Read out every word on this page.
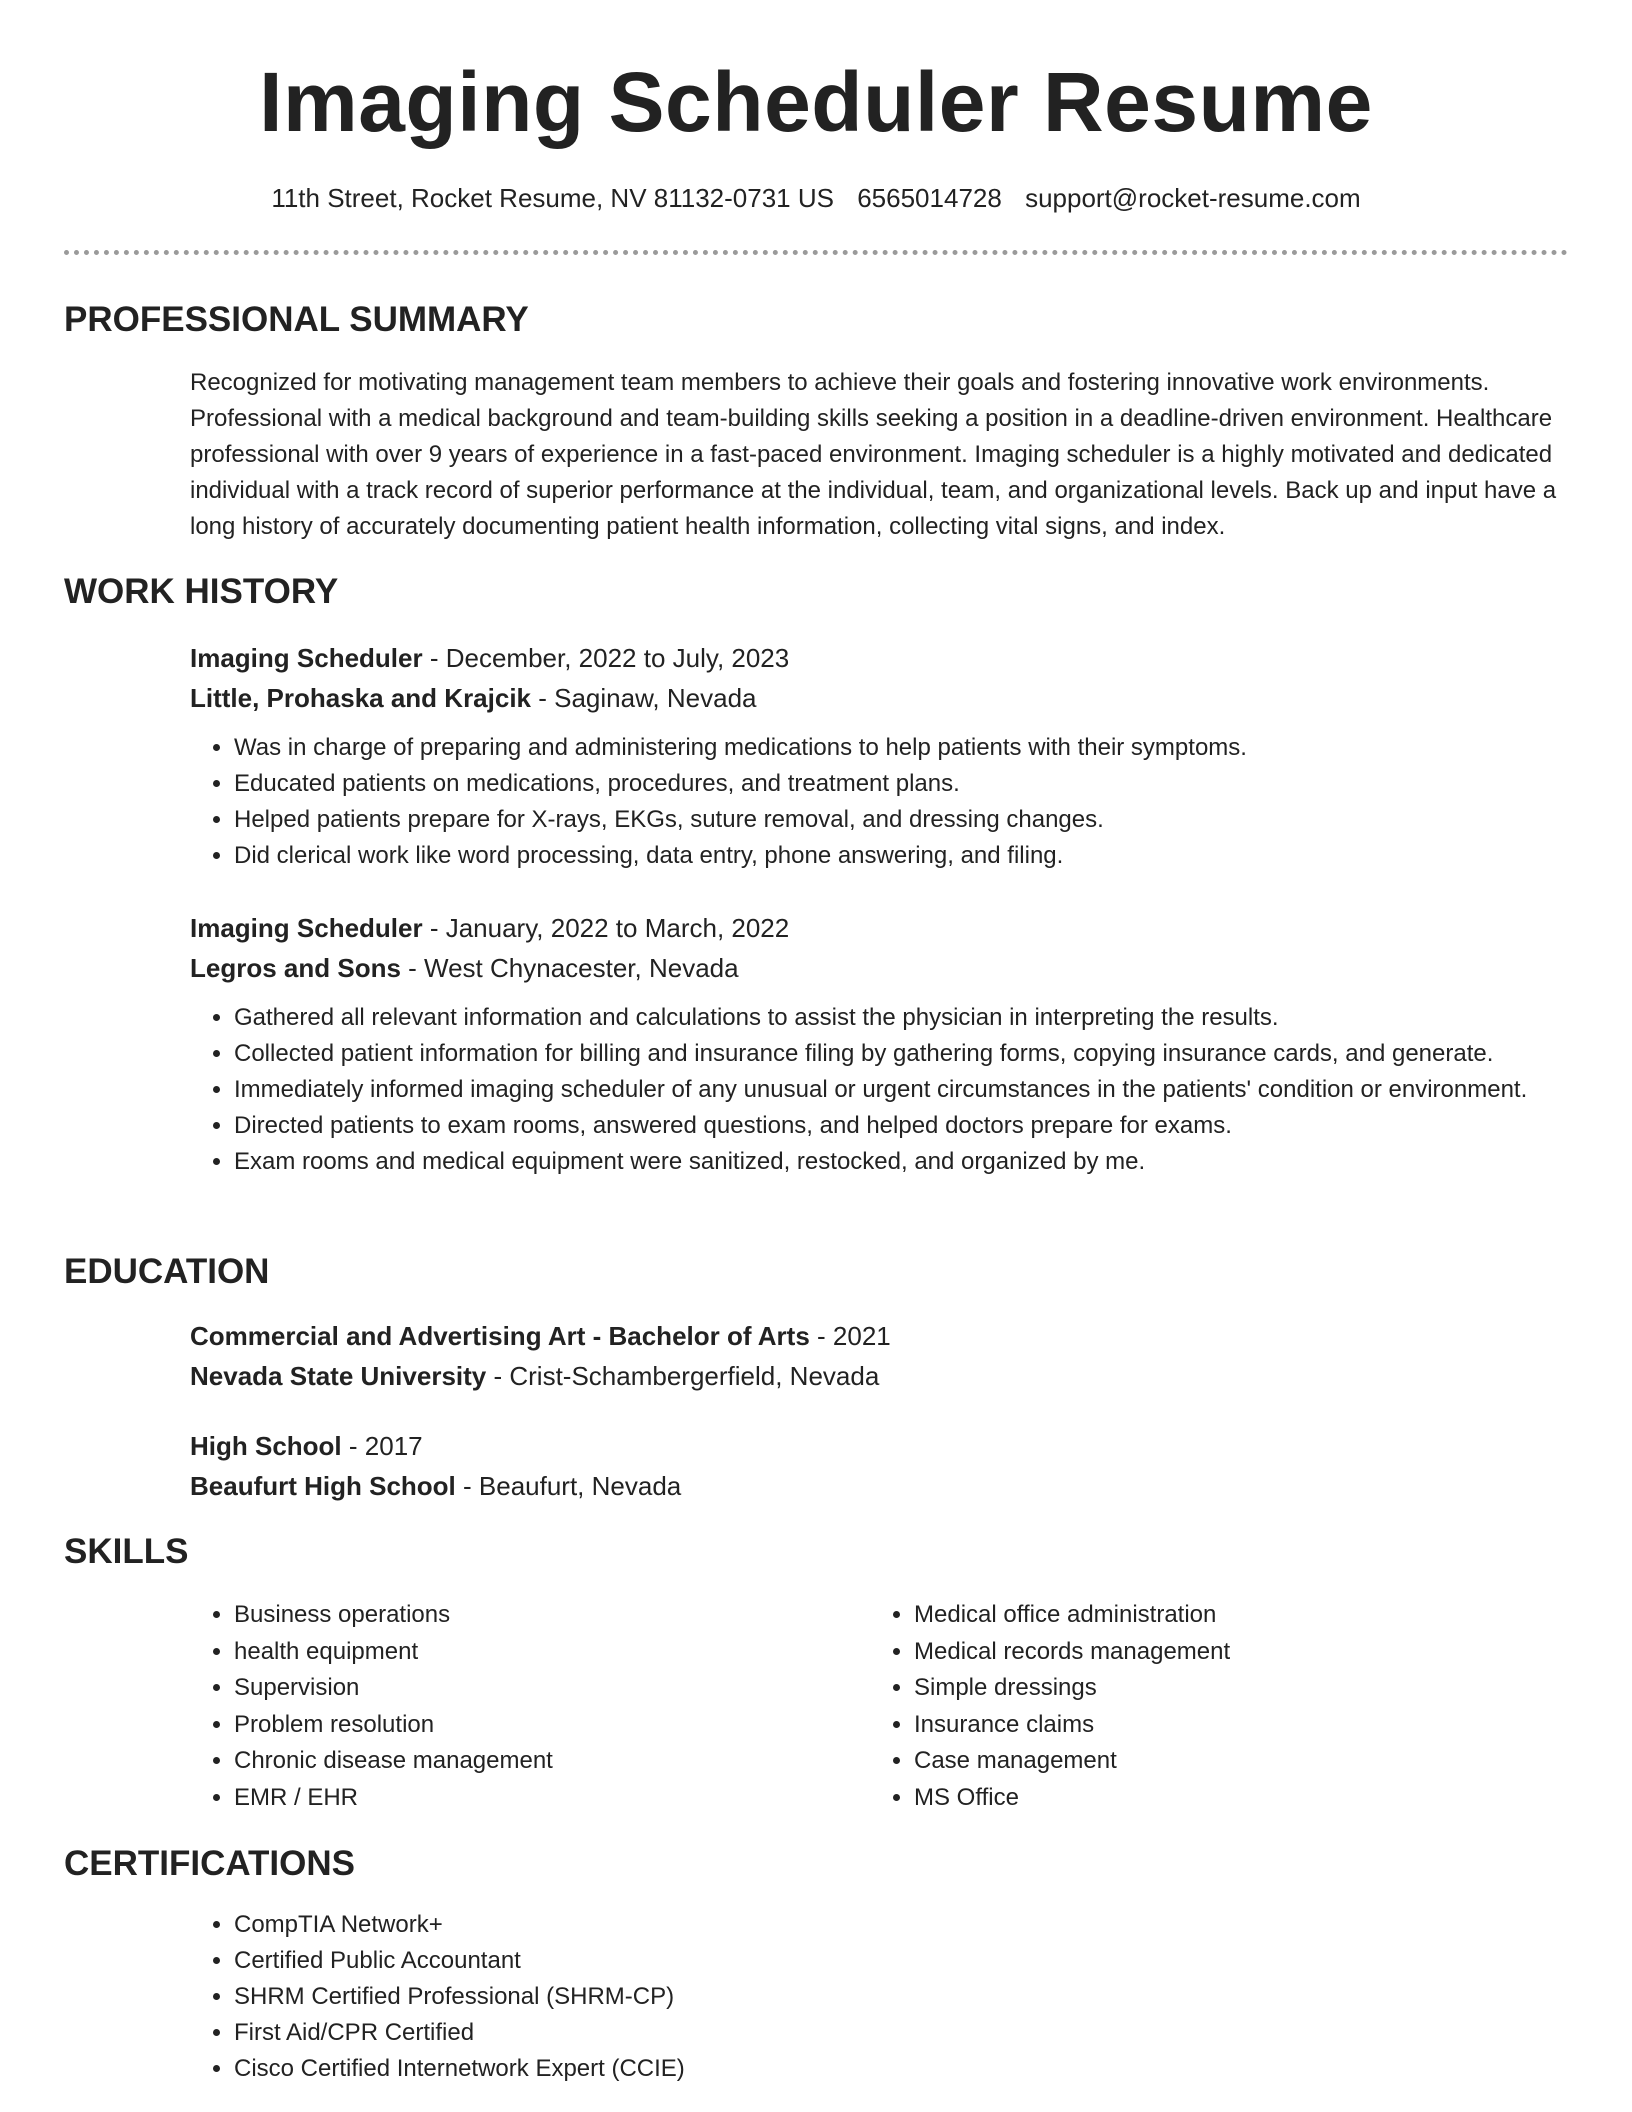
Imaging Scheduler Resume
11th Street, Rocket Resume, NV 81132-0731 US 6565014728 support@rocket-resume.com
PROFESSIONAL SUMMARY

Recognized for motivating management team members to achieve their goals and fostering innovative work environments. Professional with a medical background and team-building skills seeking a position in a deadline-driven environment. Healthcare professional with over 9 years of experience in a fast-paced environment. Imaging scheduler is a highly motivated and dedicated individual with a track record of superior performance at the individual, team, and organizational levels. Back up and input have a long history of accurately documenting patient health information, collecting vital signs, and index.

WORK HISTORY

Imaging Scheduler - December, 2022 to July, 2023

Little, Prohaska and Krajcik - Saginaw, Nevada

• Was in charge of preparing and administering medications to help patients with their symptoms.
• Educated patients on medications, procedures, and treatment plans.
• Helped patients prepare for X-rays, EKGs, suture removal, and dressing changes.
• Did clerical work like word processing, data entry, phone answering, and filing.

Imaging Scheduler - January, 2022 to March, 2022

Legros and Sons - West Chynacester, Nevada

• Gathered all relevant information and calculations to assist the physician in interpreting the results.
• Collected patient information for billing and insurance filing by gathering forms, copying insurance cards, and generate.
• Immediately informed imaging scheduler of any unusual or urgent circumstances in the patients' condition or environment.
• Directed patients to exam rooms, answered questions, and helped doctors prepare for exams.
• Exam rooms and medical equipment were sanitized, restocked, and organized by me.
EDUCATION

Commercial and Advertising Art - Bachelor of Arts - 2021

Nevada State University - Crist-Schambergerfield, Nevada

High School - 2017

Beaufurt High School - Beaufurt, Nevada

SKILLS
• Business operations
• health equipment
• Supervision
• Problem resolution
• Chronic disease management
• EMR / EHR
• Medical office administration
• Medical records management
• Simple dressings
• Insurance claims
• Case management
• MS Office
CERTIFICATIONS
• CompTIA Network+
• Certified Public Accountant
• SHRM Certified Professional (SHRM-CP)
• First Aid/CPR Certified
• Cisco Certified Internetwork Expert (CCIE)
